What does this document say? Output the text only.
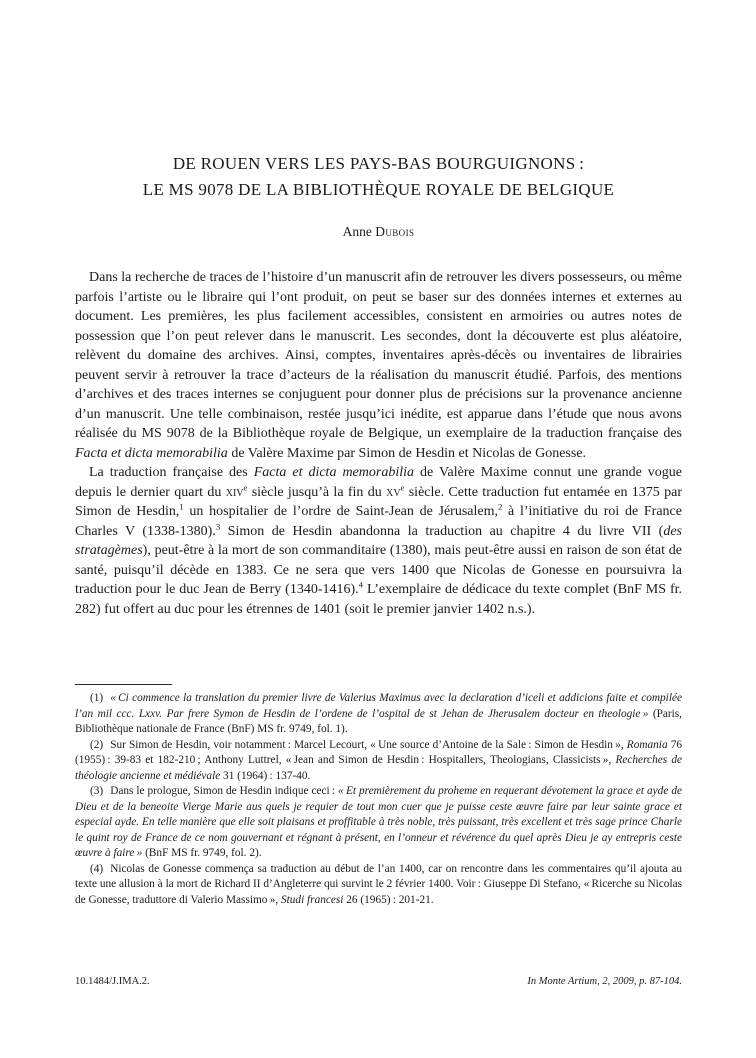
DE ROUEN VERS LES PAYS-BAS BOURGUIGNONS :
LE MS 9078 DE LA BIBLIOTHÈQUE ROYALE DE BELGIQUE
Anne Dubois

Dans la recherche de traces de l’histoire d’un manuscrit afin de retrouver les divers possesseurs, ou même parfois l’artiste ou le libraire qui l’ont produit, on peut se baser sur des données internes et externes au document. Les premières, les plus facilement accessibles, consistent en armoiries ou autres notes de possession que l’on peut relever dans le manuscrit. Les secondes, dont la découverte est plus aléatoire, relèvent du domaine des archives. Ainsi, comptes, inventaires après-décès ou inventaires de librairies peuvent servir à retrouver la trace d’acteurs de la réalisation du manuscrit étudié. Parfois, des mentions d’archives et des traces internes se conjuguent pour donner plus de précisions sur la provenance ancienne d’un manuscrit. Une telle combinaison, restée jusqu’ici inédite, est apparue dans l’étude que nous avons réalisée du MS 9078 de la Bibliothèque royale de Belgique, un exemplaire de la traduction française des Facta et dicta memorabilia de Valère Maxime par Simon de Hesdin et Nicolas de Gonesse.

La traduction française des Facta et dicta memorabilia de Valère Maxime connut une grande vogue depuis le dernier quart du xiv$^e$ siècle jusqu’à la fin du $xv^e$ siècle. Cette traduction fut entamée en 1375 par Simon de Hesdin,$^1$ un hospitalier de l’ordre de Saint-Jean de Jérusalem,$^2$ à l’initiative du roi de France Charles V (1338-1380).$^3$ Simon de Hesdin abandonna la traduction au chapitre 4 du livre VII (des stratagèmes), peut-être à la mort de son commanditaire (1380), mais peut-être aussi en raison de son état de santé, puisqu’il décède en 1383. Ce ne sera que vers 1400 que Nicolas de Gonesse en poursuivra la traduction pour le duc Jean de Berry (1340-1416).$^4$ L’exemplaire de dédicace du texte complet (BnF MS fr. 282) fut offert au duc pour les étrennes de 1401 (soit le premier janvier 1402 n.s.).

(1) « Ci commence la translation du premier livre de Valerius Maximus avec la declaration d’iceli et addicions faite et compilée l’an mil ccc. Lxxv. Par frere Symon de Hesdin de l’ordene de l’ospital de st Jehan de Jherusalem docteur en theologie » (Paris, Bibliothèque nationale de France (BnF) MS fr. 9749, fol. 1).

(2) Sur Simon de Hesdin, voir notamment : Marcel Lecourt, « Une source d’Antoine de la Sale : Simon de Hesdin », Romania 76 (1955) : 39-83 et 182-210 ; Anthony Luttrel, « Jean and Simon de Hesdin : Hospitallers, Theologians, Classicists », Recherches de théologie ancienne et médiévale 31 (1964) : 137-40.

(3) Dans le prologue, Simon de Hesdin indique ceci : « Et premièrement du proheme en requerant dévotement la grace et ayde de Dieu et de la beneoite Vierge Marie aus quels je requier de tout mon cuer que je puisse ceste œuvre faire par leur sainte grace et especial ayde. En telle manière que elle soit plaisans et proffitable à très noble, très puissant, très excellent et très sage prince Charle le quint roy de France de ce nom gouvernant et régnant à présent, en l’onneur et révérence du quel après Dieu je ay entrepris ceste œuvre à faire » (BnF MS fr. 9749, fol. 2).

(4) Nicolas de Gonesse commença sa traduction au début de l’an 1400, car on rencontre dans les commentaires qu’il ajouta au texte une allusion à la mort de Richard II d’Angleterre qui survint le 2 février 1400. Voir : Giuseppe Di Stefano, « Ricerche su Nicolas de Gonesse, traduttore di Valerio Massimo », Studi francesi 26 (1965) : 201-21.

10.1484/J.IMA.2.	In Monte Artium, 2, 2009, p. 87-104.
